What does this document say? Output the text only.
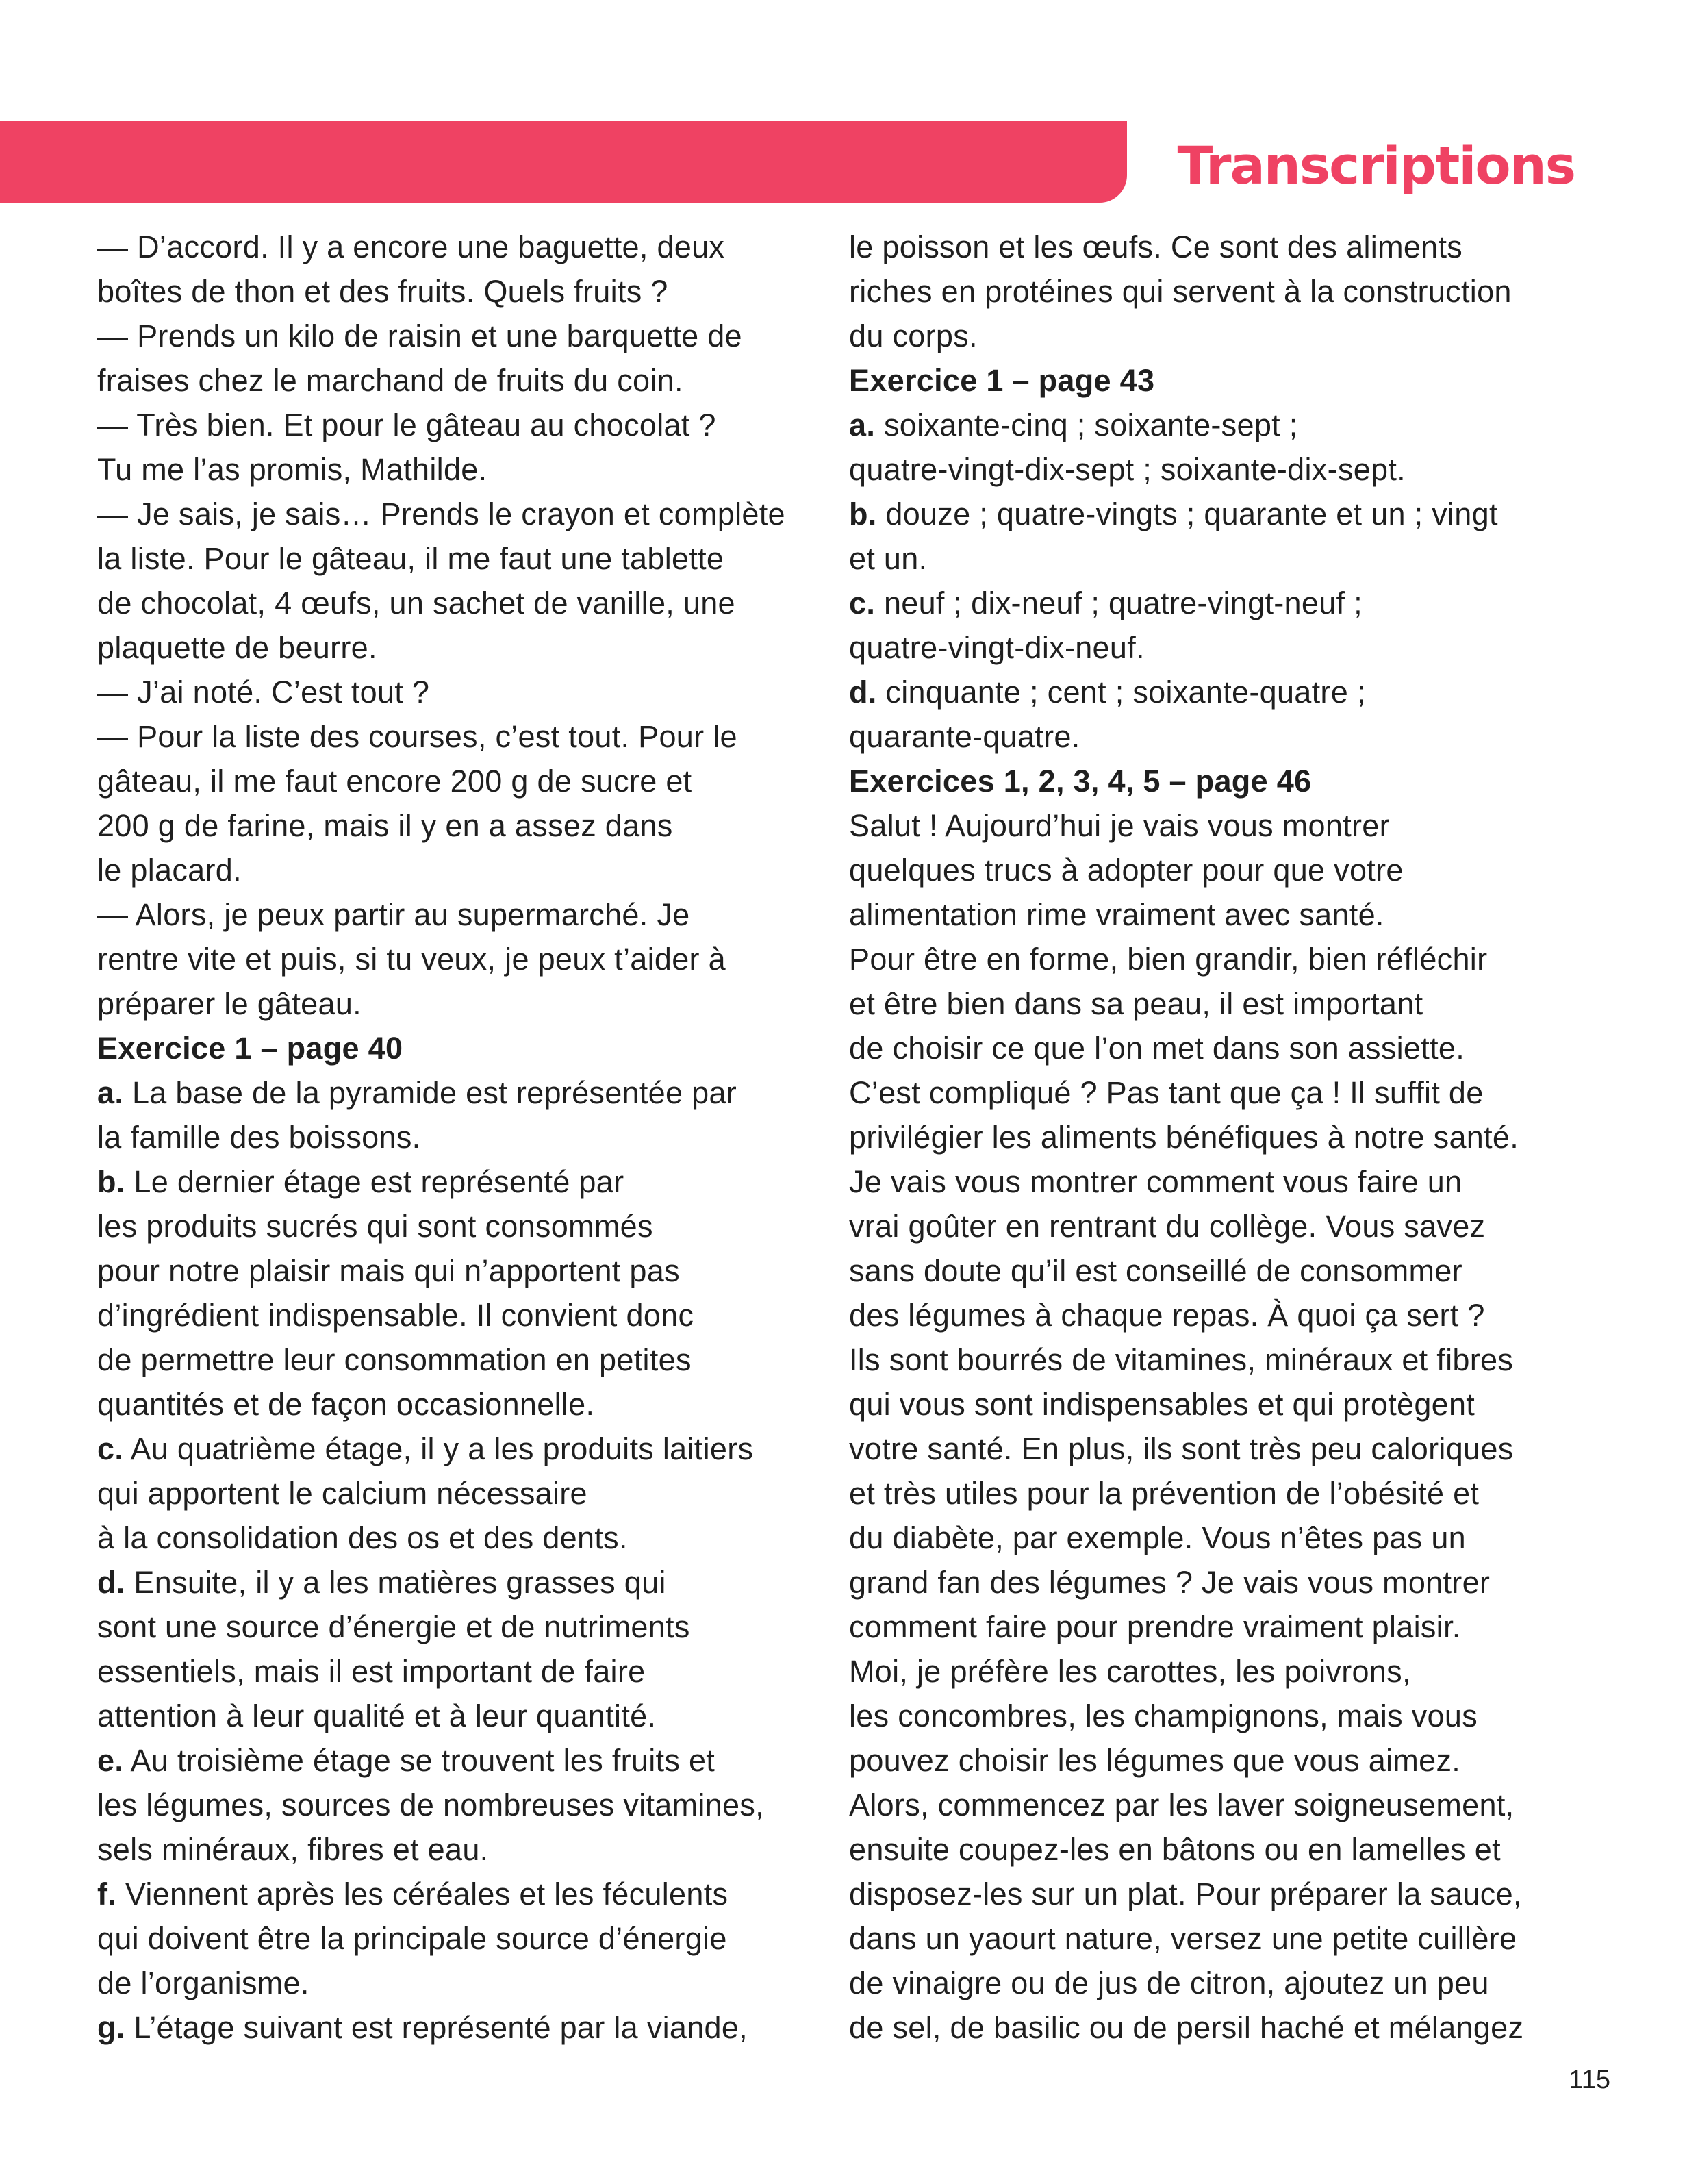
Transcriptions
— D’accord. Il y a encore une baguette, deux
boîtes de thon et des fruits. Quels fruits ?
— Prends un kilo de raisin et une barquette de
fraises chez le marchand de fruits du coin.
— Très bien. Et pour le gâteau au chocolat ?
Tu me l’as promis, Mathilde.
— Je sais, je sais… Prends le crayon et complète
la liste. Pour le gâteau, il me faut une tablette
de chocolat, 4 œufs, un sachet de vanille, une
plaquette de beurre.
— J’ai noté. C’est tout ?
— Pour la liste des courses, c’est tout. Pour le
gâteau, il me faut encore 200 g de sucre et
200 g de farine, mais il y en a assez dans
le placard.
— Alors, je peux partir au supermarché. Je
rentre vite et puis, si tu veux, je peux t’aider à
préparer le gâteau.
Exercice 1 – page 40
a. La base de la pyramide est représentée par
la famille des boissons.
b. Le dernier étage est représenté par
les produits sucrés qui sont consommés
pour notre plaisir mais qui n’apportent pas
d’ingrédient indispensable. Il convient donc
de permettre leur consommation en petites
quantités et de façon occasionnelle.
c. Au quatrième étage, il y a les produits laitiers
qui apportent le calcium nécessaire
à la consolidation des os et des dents.
d. Ensuite, il y a les matières grasses qui
sont une source d’énergie et de nutriments
essentiels, mais il est important de faire
attention à leur qualité et à leur quantité.
e. Au troisième étage se trouvent les fruits et
les légumes, sources de nombreuses vitamines,
sels minéraux, fibres et eau.
f. Viennent après les céréales et les féculents
qui doivent être la principale source d’énergie
de l’organisme.
g. L’étage suivant est représenté par la viande,
le poisson et les œufs. Ce sont des aliments
riches en protéines qui servent à la construction
du corps.
Exercice 1 – page 43
a. soixante-cinq ; soixante-sept ;
quatre-vingt-dix-sept ; soixante-dix-sept.
b. douze ; quatre-vingts ; quarante et un ; vingt
et un.
c. neuf ; dix-neuf ; quatre-vingt-neuf ;
quatre-vingt-dix-neuf.
d. cinquante ; cent ; soixante-quatre ;
quarante-quatre.
Exercices 1, 2, 3, 4, 5 – page 46
Salut ! Aujourd’hui je vais vous montrer
quelques trucs à adopter pour que votre
alimentation rime vraiment avec santé.
Pour être en forme, bien grandir, bien réfléchir
et être bien dans sa peau, il est important
de choisir ce que l’on met dans son assiette.
C’est compliqué ? Pas tant que ça ! Il suffit de
privilégier les aliments bénéfiques à notre santé.
Je vais vous montrer comment vous faire un
vrai goûter en rentrant du collège. Vous savez
sans doute qu’il est conseillé de consommer
des légumes à chaque repas. À quoi ça sert ?
Ils sont bourrés de vitamines, minéraux et fibres
qui vous sont indispensables et qui protègent
votre santé. En plus, ils sont très peu caloriques
et très utiles pour la prévention de l’obésité et
du diabète, par exemple. Vous n’êtes pas un
grand fan des légumes ? Je vais vous montrer
comment faire pour prendre vraiment plaisir.
Moi, je préfère les carottes, les poivrons,
les concombres, les champignons, mais vous
pouvez choisir les légumes que vous aimez.
Alors, commencez par les laver soigneusement,
ensuite coupez-les en bâtons ou en lamelles et
disposez-les sur un plat. Pour préparer la sauce,
dans un yaourt nature, versez une petite cuillère
de vinaigre ou de jus de citron, ajoutez un peu
de sel, de basilic ou de persil haché et mélangez
115
